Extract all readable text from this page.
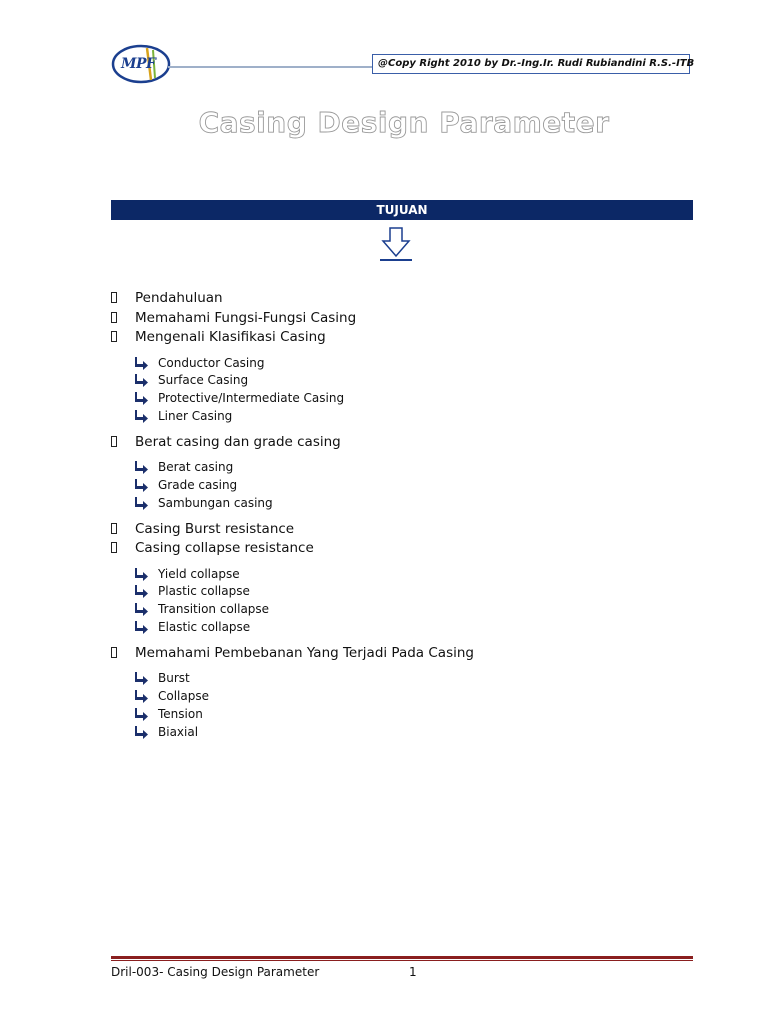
MPF	@Copy Right 2010 by Dr.-Ing.Ir. Rudi Rubiandini R.S.-ITB
Casing Design Parameter
TUJUAN
Pendahuluan
Memahami Fungsi-Fungsi Casing
Mengenali Klasifikasi Casing
Conductor Casing
Surface Casing
Protective/Intermediate Casing
Liner Casing
Berat casing dan grade casing
Berat casing
Grade casing
Sambungan casing
Casing Burst resistance
Casing collapse resistance
Yield collapse
Plastic collapse
Transition collapse
Elastic collapse
Memahami Pembebanan Yang Terjadi Pada Casing
Burst
Collapse
Tension
Biaxial
Dril-003- Casing Design Parameter	1
